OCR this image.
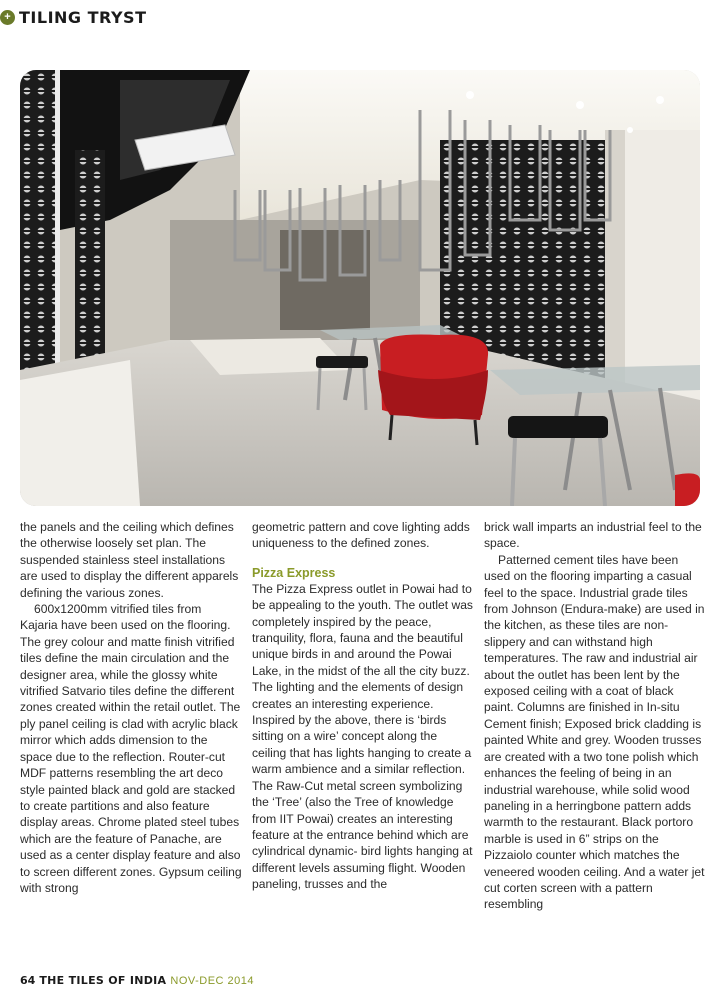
+ TILING TRYST

the panels and the ceiling which defines the otherwise loosely set plan. The suspended stainless steel installations are used to display the different apparels defining the various zones.

600x1200mm vitrified tiles from Kajaria have been used on the flooring. The grey colour and matte finish vitrified tiles define the main circulation and the designer area, while the glossy white vitrified Satvario tiles define the different zones created within the retail outlet. The ply panel ceiling is clad with acrylic black mirror which adds dimension to the space due to the reflection. Router-cut MDF patterns resembling the art deco style painted black and gold are stacked to create partitions and also feature display areas. Chrome plated steel tubes which are the feature of Panache, are used as a center display feature and also to screen different zones. Gypsum ceiling with strong

geometric pattern and cove lighting adds uniqueness to the defined zones.

Pizza Express

The Pizza Express outlet in Powai had to be appealing to the youth. The outlet was completely inspired by the peace, tranquility, flora, fauna and the beautiful unique birds in and around the Powai Lake, in the midst of the all the city buzz. The lighting and the elements of design creates an interesting experience. Inspired by the above, there is ‘birds sitting on a wire’ concept along the ceiling that has lights hanging to create a warm ambience and a similar reflection. The Raw-Cut metal screen symbolizing the ‘Tree’ (also the Tree of knowledge from IIT Powai) creates an interesting feature at the entrance behind which are cylindrical dynamic- bird lights hanging at different levels assuming flight. Wooden paneling, trusses and the

brick wall imparts an industrial feel to the space.

Patterned cement tiles have been used on the flooring imparting a casual feel to the space. Industrial grade tiles from Johnson (Endura-make) are used in the kitchen, as these tiles are non-slippery and can withstand high temperatures. The raw and industrial air about the outlet has been lent by the exposed ceiling with a coat of black paint. Columns are finished in In-situ Cement finish; Exposed brick cladding is painted White and grey. Wooden trusses are created with a two tone polish which enhances the feeling of being in an industrial warehouse, while solid wood paneling in a herringbone pattern adds warmth to the restaurant. Black portoro marble is used in 6” strips on the Pizzaiolo counter which matches the veneered wooden ceiling. And a water jet cut corten screen with a pattern resembling

64 THE TILES OF INDIA NOV-DEC 2014
